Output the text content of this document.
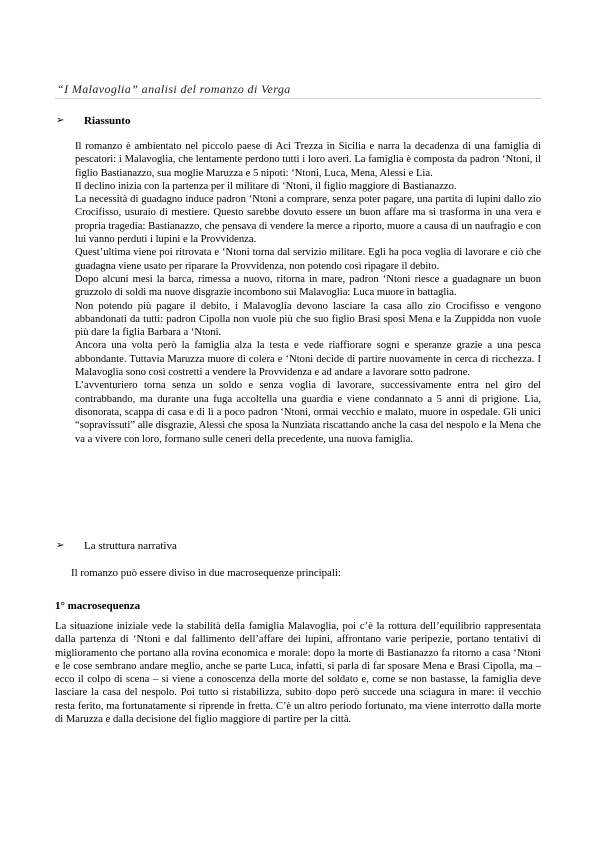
“I Malavoglia” analisi del romanzo di Verga
➢	Riassunto

Il romanzo è ambientato nel piccolo paese di Aci Trezza in Sicilia e narra la decadenza di una famiglia di pescatori: i Malavoglia, che lentamente perdono tutti i loro averi. La famiglia è composta da padron ‘Ntoni, il figlio Bastianazzo, sua moglie Maruzza e 5 nipoti: ‘Ntoni, Luca, Mena, Alessi e Lia.

Il declino inizia con la partenza per il militare di ‘Ntoni, il figlio maggiore di Bastianazzo.

La necessità di guadagno induce padron ‘Ntoni a comprare, senza poter pagare, una partita di lupini dallo zio Crocifisso, usuraio di mestiere. Questo sarebbe dovuto essere un buon affare ma si trasforma in una vera e propria tragedia: Bastianazzo, che pensava di vendere la merce a riporto, muore a causa di un naufragio e con lui vanno perduti i lupini e la Provvidenza.

Quest’ultima viene poi ritrovata e ‘Ntoni torna dal servizio militare. Egli ha poca voglia di lavorare e ciò che guadagna viene usato per riparare la Provvidenza, non potendo così ripagare il debito.

Dopo alcuni mesi la barca, rimessa a nuovo, ritorna in mare, padron ‘Ntoni riesce a guadagnare un buon gruzzolo di soldi ma nuove disgrazie incombono sui Malavoglia: Luca muore in battaglia.

Non potendo più pagare il debito, i Malavoglia devono lasciare la casa allo zio Crocifisso e vengono abbandonati da tutti: padron Cipolla non vuole più che suo figlio Brasi sposi Mena e la Zuppidda non vuole più dare la figlia Barbara a ‘Ntoni.

Ancora una volta però la famiglia alza la testa e vede riaffiorare sogni e speranze grazie a una pesca abbondante. Tuttavia Maruzza muore di colera e ‘Ntoni decide di partire nuovamente in cerca di ricchezza. I Malavoglia sono così costretti a vendere la Provvidenza e ad andare a lavorare sotto padrone.

L’avventuriero torna senza un soldo e senza voglia di lavorare, successivamente entra nel giro del contrabbando, ma durante una fuga accoltella una guardia e viene condannato a 5 anni di prigione. Lia, disonorata, scappa di casa e di lì a poco padron ‘Ntoni, ormai vecchio e malato, muore in ospedale. Gli unici “sopravissuti” alle disgrazie, Alessi che sposa la Nunziata riscattando anche la casa del nespolo e la Mena che va a vivere con loro, formano sulle ceneri della precedente, una nuova famiglia.

➢	La struttura narrativa
Il romanzo può essere diviso in due macrosequenze principali:
1° macrosequenza

La situazione iniziale vede la stabilità della famiglia Malavoglia, poi c’è la rottura dell’equilibrio rappresentata dalla partenza di ‘Ntoni e dal fallimento dell’affare dei lupini, affrontano varie peripezie, portano tentativi di miglioramento che portano alla rovina economica e morale: dopo la morte di Bastianazzo fa ritorno a casa ‘Ntoni e le cose sembrano andare meglio, anche se parte Luca, infatti, si parla di far sposare Mena e Brasi Cipolla, ma – ecco il colpo di scena – si viene a conoscenza della morte del soldato e, come se non bastasse, la famiglia deve lasciare la casa del nespolo. Poi tutto si ristabilizza, subito dopo però succede una sciagura in mare: il vecchio resta ferito, ma fortunatamente si riprende in fretta. C’è un altro periodo fortunato, ma viene interrotto dalla morte di Maruzza e dalla decisione del figlio maggiore di partire per la città.
